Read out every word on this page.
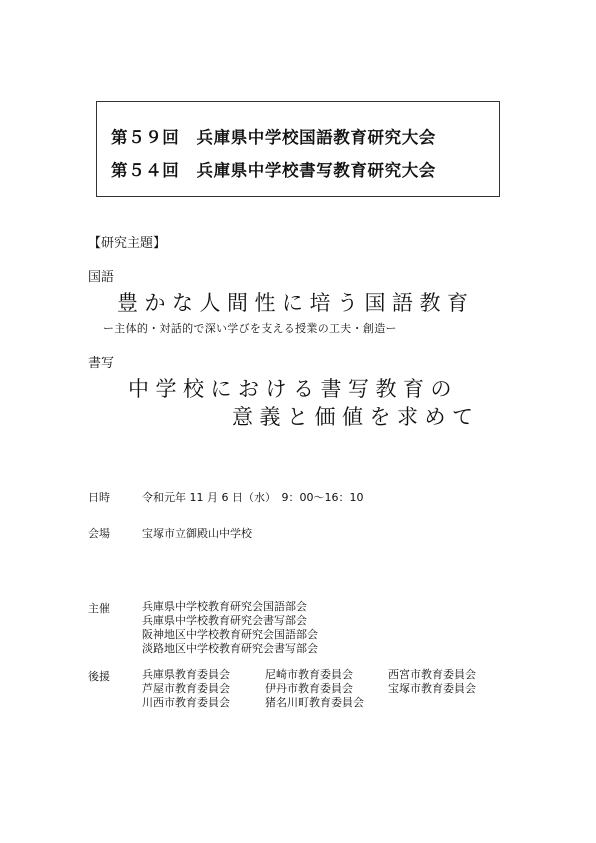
第５９回　兵庫県中学校国語教育研究大会
第５４回　兵庫県中学校書写教育研究大会
【研究主題】
国語
豊かな人間性に培う国語教育
ー主体的・対話的で深い学びを支える授業の工夫・創造ー
書写
中学校における書写教育の
意義と価値を求めて
日時	令和元年 11 月 6 日（水）　9：00～16：10
会場	宝塚市立御殿山中学校
主催	兵庫県中学校教育研究会国語部会
兵庫県中学校教育研究会書写部会
阪神地区中学校教育研究会国語部会
淡路地区中学校教育研究会書写部会
後援	兵庫県教育委員会	尼崎市教育委員会	西宮市教育委員会
芦屋市教育委員会	伊丹市教育委員会	宝塚市教育委員会
川西市教育委員会	猪名川町教育委員会
